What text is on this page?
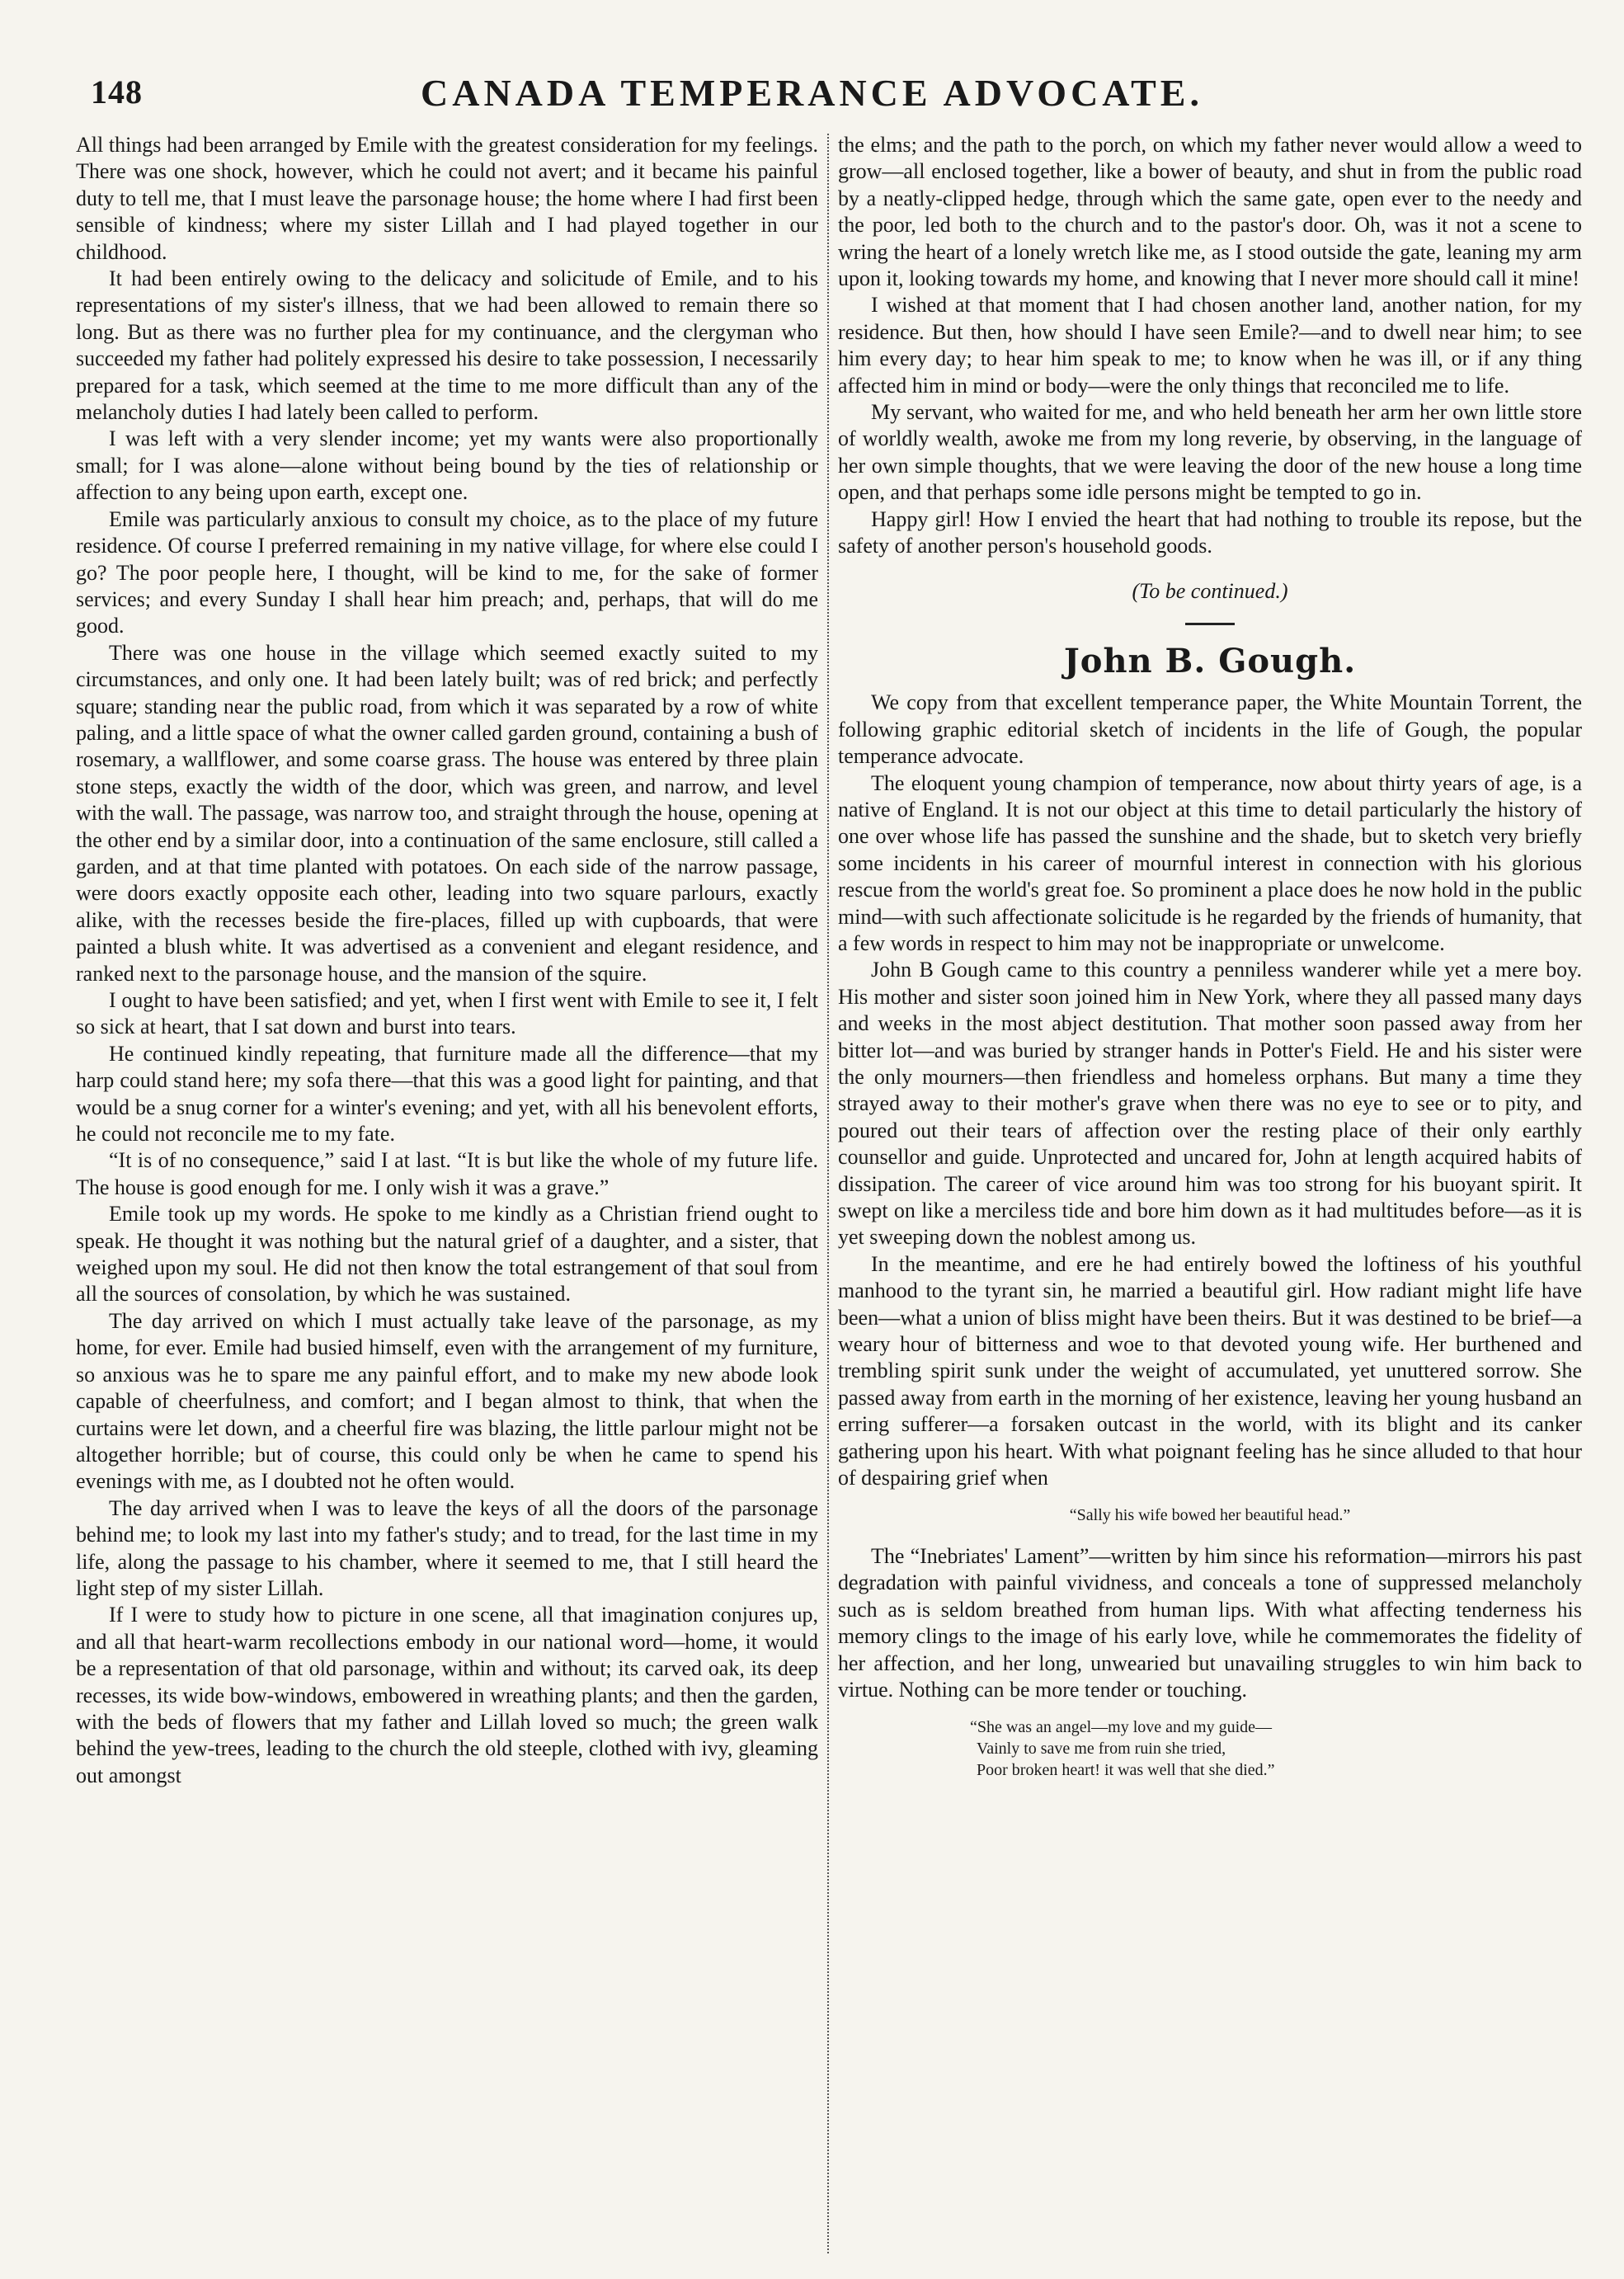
148	CANADA TEMPERANCE ADVOCATE.

All things had been arranged by Emile with the greatest consideration for my feelings. There was one shock, however, which he could not avert; and it became his painful duty to tell me, that I must leave the parsonage house; the home where I had first been sensible of kindness; where my sister Lillah and I had played together in our childhood.

It had been entirely owing to the delicacy and solicitude of Emile, and to his representations of my sister's illness, that we had been allowed to remain there so long. But as there was no further plea for my continuance, and the clergyman who succeeded my father had politely expressed his desire to take possession, I necessarily prepared for a task, which seemed at the time to me more difficult than any of the melancholy duties I had lately been called to perform.

I was left with a very slender income; yet my wants were also proportionally small; for I was alone—alone without being bound by the ties of relationship or affection to any being upon earth, except one.

Emile was particularly anxious to consult my choice, as to the place of my future residence. Of course I preferred remaining in my native village, for where else could I go? The poor people here, I thought, will be kind to me, for the sake of former services; and every Sunday I shall hear him preach; and, perhaps, that will do me good.

There was one house in the village which seemed exactly suited to my circumstances, and only one. It had been lately built; was of red brick; and perfectly square; standing near the public road, from which it was separated by a row of white paling, and a little space of what the owner called garden ground, containing a bush of rosemary, a wallflower, and some coarse grass. The house was entered by three plain stone steps, exactly the width of the door, which was green, and narrow, and level with the wall. The passage, was narrow too, and straight through the house, opening at the other end by a similar door, into a continuation of the same enclosure, still called a garden, and at that time planted with potatoes. On each side of the narrow passage, were doors exactly opposite each other, leading into two square parlours, exactly alike, with the recesses beside the fire-places, filled up with cupboards, that were painted a blush white. It was advertised as a convenient and elegant residence, and ranked next to the parsonage house, and the mansion of the squire.

I ought to have been satisfied; and yet, when I first went with Emile to see it, I felt so sick at heart, that I sat down and burst into tears.

He continued kindly repeating, that furniture made all the difference—that my harp could stand here; my sofa there—that this was a good light for painting, and that would be a snug corner for a winter's evening; and yet, with all his benevolent efforts, he could not reconcile me to my fate.

“It is of no consequence,” said I at last. “It is but like the whole of my future life. The house is good enough for me. I only wish it was a grave.”

Emile took up my words. He spoke to me kindly as a Christian friend ought to speak. He thought it was nothing but the natural grief of a daughter, and a sister, that weighed upon my soul. He did not then know the total estrangement of that soul from all the sources of consolation, by which he was sustained.

The day arrived on which I must actually take leave of the parsonage, as my home, for ever. Emile had busied himself, even with the arrangement of my furniture, so anxious was he to spare me any painful effort, and to make my new abode look capable of cheerfulness, and comfort; and I began almost to think, that when the curtains were let down, and a cheerful fire was blazing, the little parlour might not be altogether horrible; but of course, this could only be when he came to spend his evenings with me, as I doubted not he often would.

The day arrived when I was to leave the keys of all the doors of the parsonage behind me; to look my last into my father's study; and to tread, for the last time in my life, along the passage to his chamber, where it seemed to me, that I still heard the light step of my sister Lillah.

If I were to study how to picture in one scene, all that imagination conjures up, and all that heart-warm recollections embody in our national word—home, it would be a representation of that old parsonage, within and without; its carved oak, its deep recesses, its wide bow-windows, embowered in wreathing plants; and then the garden, with the beds of flowers that my father and Lillah loved so much; the green walk behind the yew-trees, leading to the church the old steeple, clothed with ivy, gleaming out amongst

the elms; and the path to the porch, on which my father never would allow a weed to grow—all enclosed together, like a bower of beauty, and shut in from the public road by a neatly-clipped hedge, through which the same gate, open ever to the needy and the poor, led both to the church and to the pastor's door. Oh, was it not a scene to wring the heart of a lonely wretch like me, as I stood outside the gate, leaning my arm upon it, looking towards my home, and knowing that I never more should call it mine!

I wished at that moment that I had chosen another land, another nation, for my residence. But then, how should I have seen Emile?—and to dwell near him; to see him every day; to hear him speak to me; to know when he was ill, or if any thing affected him in mind or body—were the only things that reconciled me to life.

My servant, who waited for me, and who held beneath her arm her own little store of worldly wealth, awoke me from my long reverie, by observing, in the language of her own simple thoughts, that we were leaving the door of the new house a long time open, and that perhaps some idle persons might be tempted to go in.

Happy girl! How I envied the heart that had nothing to trouble its repose, but the safety of another person's household goods.

(To be continued.)
John B. Gough.

We copy from that excellent temperance paper, the White Mountain Torrent, the following graphic editorial sketch of incidents in the life of Gough, the popular temperance advocate.

The eloquent young champion of temperance, now about thirty years of age, is a native of England. It is not our object at this time to detail particularly the history of one over whose life has passed the sunshine and the shade, but to sketch very briefly some incidents in his career of mournful interest in connection with his glorious rescue from the world's great foe. So prominent a place does he now hold in the public mind—with such affectionate solicitude is he regarded by the friends of humanity, that a few words in respect to him may not be inappropriate or unwelcome.

John B Gough came to this country a penniless wanderer while yet a mere boy. His mother and sister soon joined him in New York, where they all passed many days and weeks in the most abject destitution. That mother soon passed away from her bitter lot—and was buried by stranger hands in Potter's Field. He and his sister were the only mourners—then friendless and homeless orphans. But many a time they strayed away to their mother's grave when there was no eye to see or to pity, and poured out their tears of affection over the resting place of their only earthly counsellor and guide. Unprotected and uncared for, John at length acquired habits of dissipation. The career of vice around him was too strong for his buoyant spirit. It swept on like a merciless tide and bore him down as it had multitudes before—as it is yet sweeping down the noblest among us.

In the meantime, and ere he had entirely bowed the loftiness of his youthful manhood to the tyrant sin, he married a beautiful girl. How radiant might life have been—what a union of bliss might have been theirs. But it was destined to be brief—a weary hour of bitterness and woe to that devoted young wife. Her burthened and trembling spirit sunk under the weight of accumulated, yet unuttered sorrow. She passed away from earth in the morning of her existence, leaving her young husband an erring sufferer—a forsaken outcast in the world, with its blight and its canker gathering upon his heart. With what poignant feeling has he since alluded to that hour of despairing grief when

“Sally his wife bowed her beautiful head.”

The “Inebriates' Lament”—written by him since his reformation—mirrors his past degradation with painful vividness, and conceals a tone of suppressed melancholy such as is seldom breathed from human lips. With what affecting tenderness his memory clings to the image of his early love, while he commemorates the fidelity of her affection, and her long, unwearied but unavailing struggles to win him back to virtue. Nothing can be more tender or touching.

“She was an angel—my love and my guide—
Vainly to save me from ruin she tried,
Poor broken heart! it was well that she died.”
